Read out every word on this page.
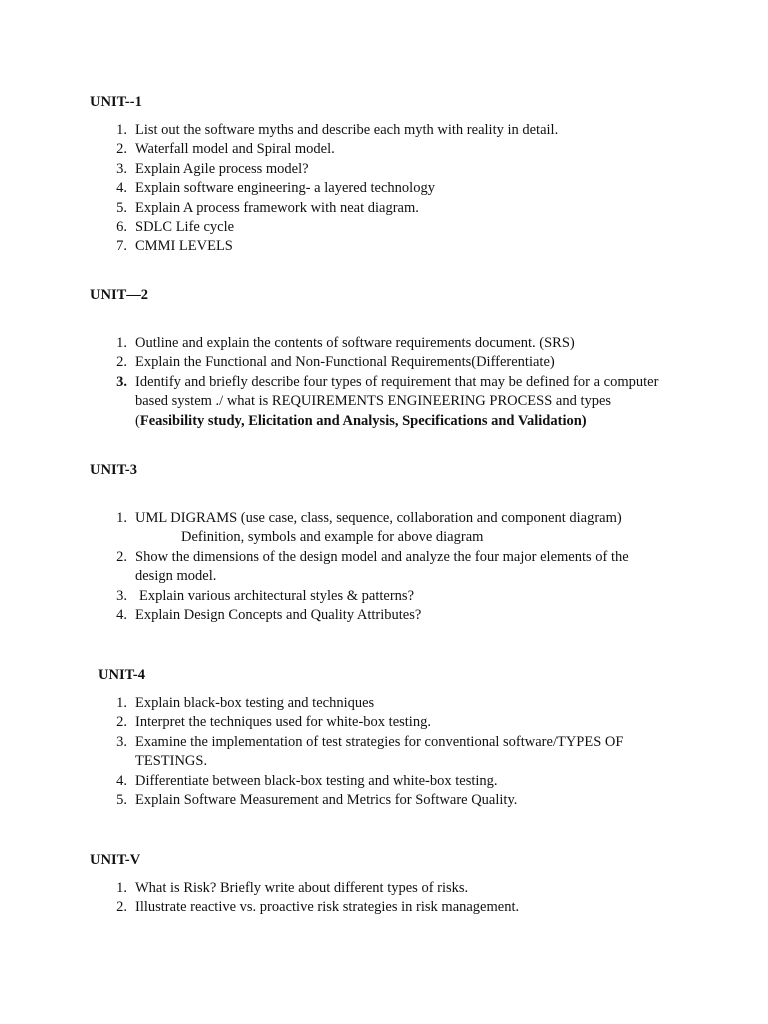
UNIT--1
1. List out the software myths and describe each myth with reality in detail.
2. Waterfall model and Spiral model.
3. Explain Agile process model?
4. Explain software engineering- a layered technology
5. Explain A process framework with neat diagram.
6. SDLC Life cycle
7. CMMI LEVELS
UNIT—2
1. Outline and explain the contents of software requirements document. (SRS)
2. Explain the Functional and Non-Functional Requirements(Differentiate)
3. Identify and briefly describe four types of requirement that may be defined for a computer based system ./ what is REQUIREMENTS ENGINEERING PROCESS and types (Feasibility study, Elicitation and Analysis, Specifications and Validation)
UNIT-3
1. UML DIGRAMS (use case, class, sequence, collaboration and component diagram)
Definition, symbols and example for above diagram
2. Show the dimensions of the design model and analyze the four major elements of the design model.
3. Explain various architectural styles & patterns?
4. Explain Design Concepts and Quality Attributes?
UNIT-4
1. Explain black-box testing and techniques
2. Interpret the techniques used for white-box testing.
3. Examine the implementation of test strategies for conventional software/TYPES OF TESTINGS.
4. Differentiate between black-box testing and white-box testing.
5. Explain Software Measurement and Metrics for Software Quality.
UNIT-V
1. What is Risk? Briefly write about different types of risks.
2. Illustrate reactive vs. proactive risk strategies in risk management.
